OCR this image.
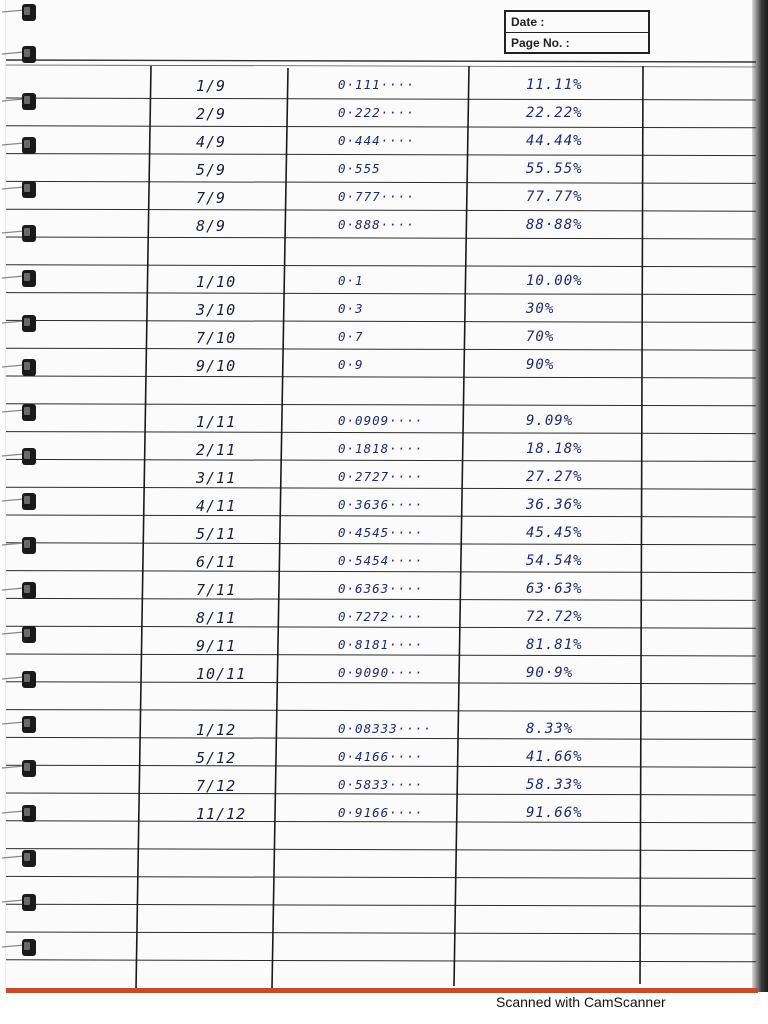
Date :
Page No. :
1/9	0·111····	11.11%
2/9	0·222····	22.22%
4/9	0·444····	44.44%
5/9	0·555	55.55%
7/9	0·777····	77.77%
8/9	0·888····	88·88%
1/10	0·1	10.00%
3/10	0·3	30%
7/10	0·7	70%
9/10	0·9	90%
1/11	0·0909····	9.09%
2/11	0·1818····	18.18%
3/11	0·2727····	27.27%
4/11	0·3636····	36.36%
5/11	0·4545····	45.45%
6/11	0·5454····	54.54%
7/11	0·6363····	63·63%
8/11	0·7272····	72.72%
9/11	0·8181····	81.81%
10/11	0·9090····	90·9%
1/12	0·08333····	8.33%
5/12	0·4166····	41.66%
7/12	0·5833····	58.33%
11/12	0·9166····	91.66%
Scanned with CamScanner
